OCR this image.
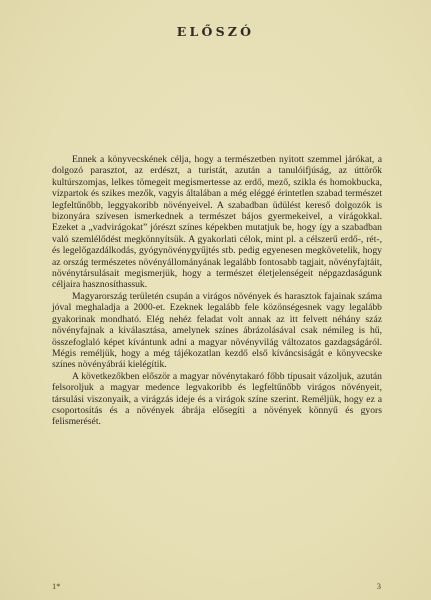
ELŐSZÓ

Ennek a könyvecskének célja, hogy a természetben nyitott szemmel járókat, a dolgozó parasztot, az erdészt, a turistát, azután a tanulóifjúság, az úttörők kultúrszomjas, lelkes tömegeit megismertesse az erdő, mező, szikla és homokbucka, vízpartok és szikes mezők, vagyis általában a még eléggé érintetlen szabad természet legfeltűnőbb, leggyakoribb növényeivel. A szabadban üdülést kereső dolgozók is bizonyára szívesen ismerkednek a természet bájos gyermekeivel, a virágokkal. Ezeket a „vadvirágokat” jórészt színes képekben mutatjuk be, hogy így a szabadban való szemlélődést megkönnyítsük. A gyakorlati célok, mint pl. a célszerű erdő-, rét-, és legelőgazdálkodás, gyógynövénygyűjtés stb. pedig egyenesen megkövetelik, hogy az ország természetes növényállományának legalább fontosabb tagjait, növényfajtáit, növénytársulásait megismerjük, hogy a természet életjelenségeit népgazdaságunk céljaira hasznosíthassuk.

Magyarország területén csupán a virágos növények és harasztok fajainak száma jóval meghaladja a 2000-et. Ezeknek legalább fele közönségesnek vagy legalább gyakorinak mondható. Elég nehéz feladat volt annak az itt felvett néhány száz növényfajnak a kiválasztása, amelynek színes ábrázolásával csak némileg is hű, összefoglaló képet kívántunk adni a magyar növényvilág változatos gazdagságáról. Mégis reméljük, hogy a még tájékozatlan kezdő első kíváncsiságát e könyvecske színes növényábrái kielégítik.

A következőkben először a magyar növénytakaró főbb típusait vázoljuk, azután felsoroljuk a magyar medence legvakoribb és legfeltűnőbb virágos növényeit, társulási viszonyaik, a virágzás ideje és a virágok színe szerint. Reméljük, hogy ez a csoportosítás és a növények ábrája elősegíti a növények könnyű és gyors felismerését.

1*	3
